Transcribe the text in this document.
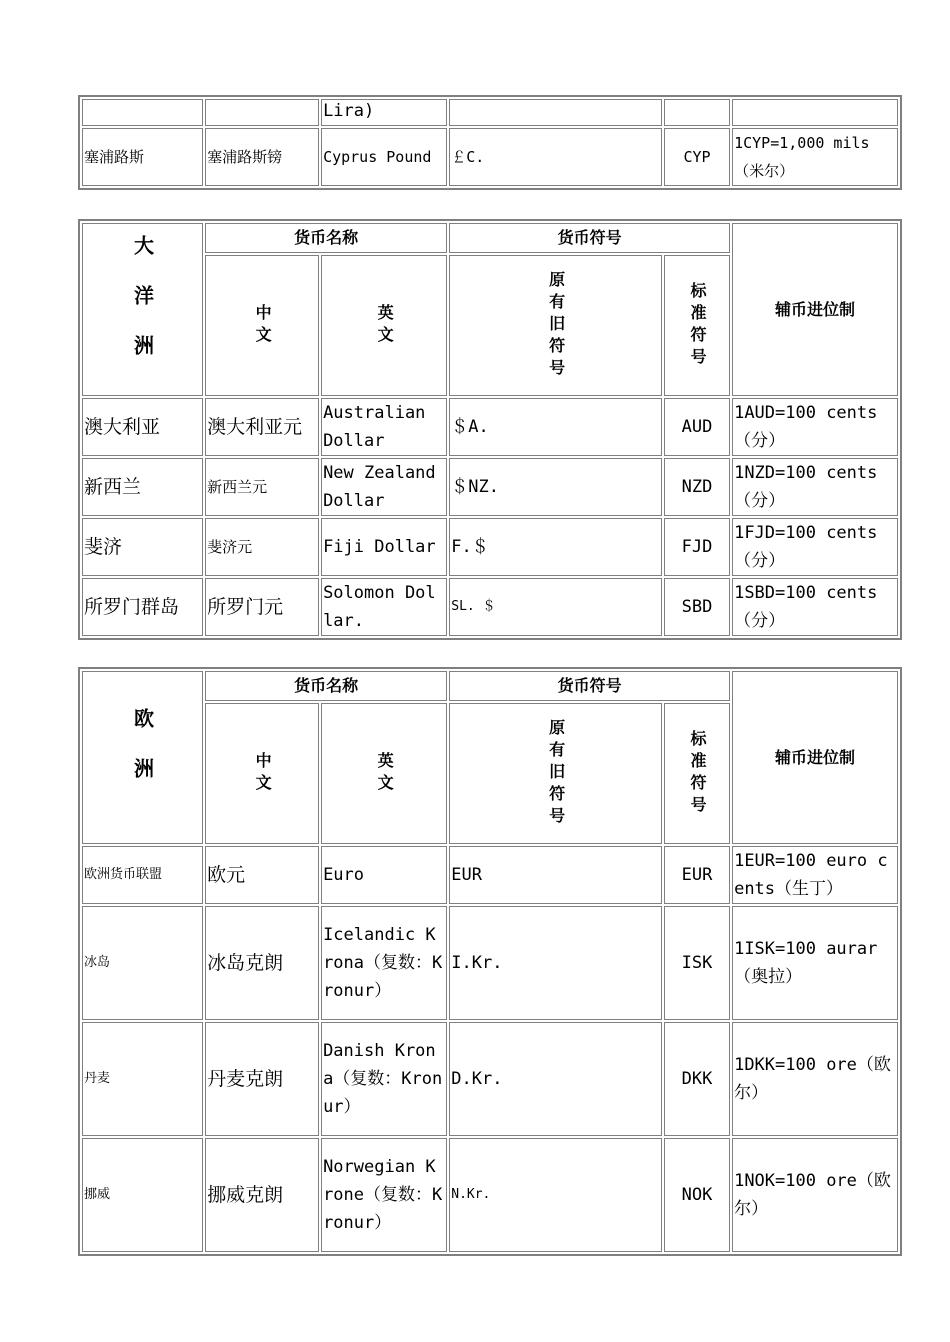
		Lira)			
塞浦路斯	塞浦路斯镑	Cyprus Pound	￡C.	CYP	1CYP=1,000 mils（米尔）
大洋洲	货币名称		货币符号		辅币进位制

	中文	英文	原有旧符号	标准符号	

澳大利亚	澳大利亚元	Australian Dollar	＄A.	AUD	1AUD=100 cents（分）
新西兰	新西兰元	New Zealand Dollar	＄NZ.	NZD	1NZD=100 cents（分）
斐济	斐济元	Fiji Dollar	F.＄	FJD	1FJD=100 cents（分）
所罗门群岛	所罗门元	Solomon Dollar.	SL. ＄	SBD	1SBD=100 cents（分）
欧洲	货币名称		货币符号		辅币进位制

	中文	英文	原有旧符号	标准符号	

欧洲货币联盟	欧元	Euro	EUR	EUR	1EUR=100 euro cents（生丁）
冰岛	冰岛克朗	Icelandic Krona（复数：Kronur）	I.Kr.	ISK	1ISK=100 aurar（奥拉）
丹麦	丹麦克朗	Danish Krona（复数：Kronur）	D.Kr.	DKK	1DKK=100 ore（欧尔）
挪威	挪威克朗	Norwegian Krone（复数：Kronur）	N.Kr.	NOK	1NOK=100 ore（欧尔）
